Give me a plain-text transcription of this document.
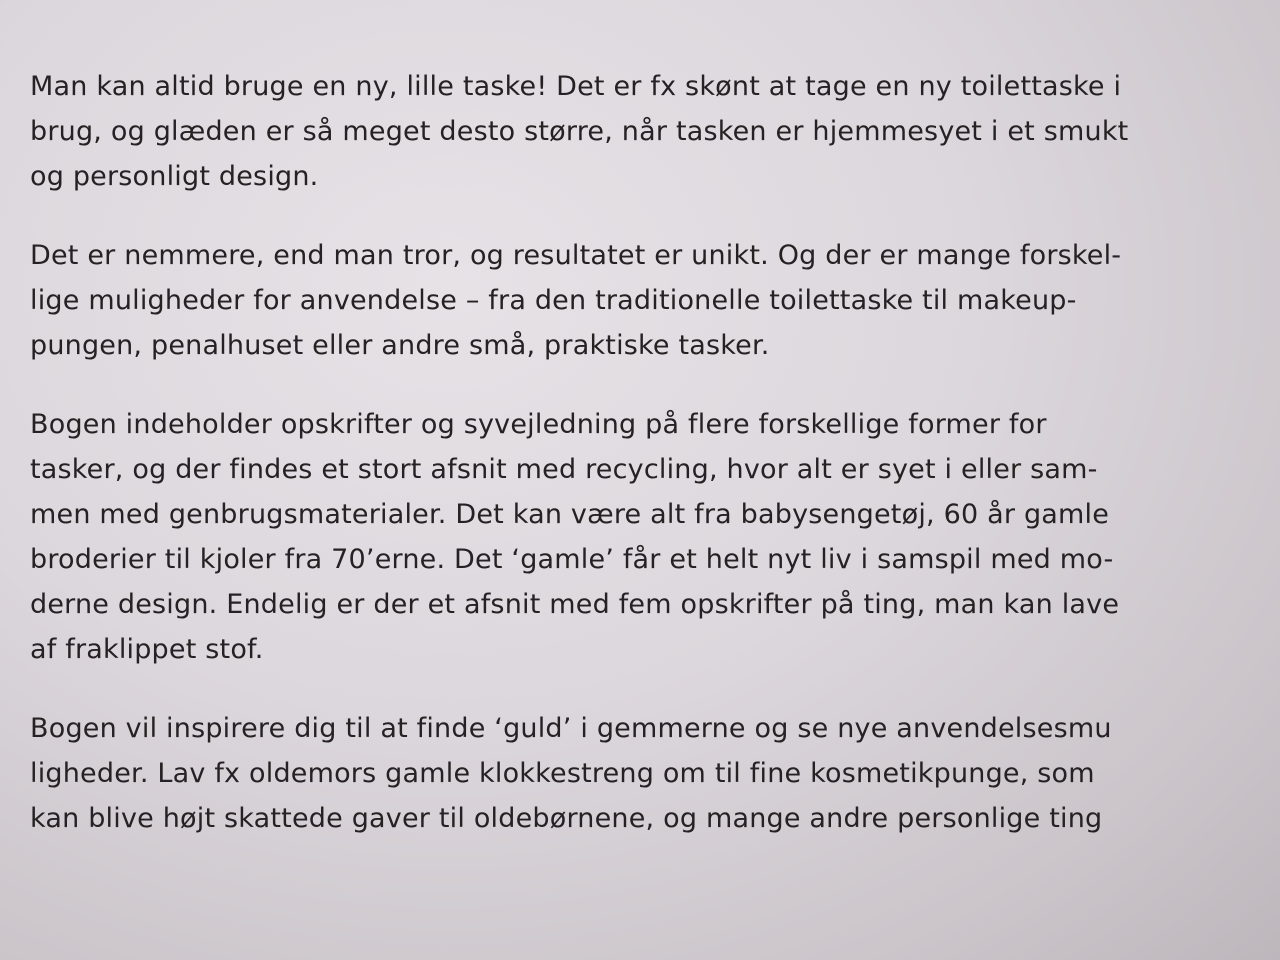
Man kan altid bruge en ny, lille taske! Det er fx skønt at tage en ny toilettaske i
brug, og glæden er så meget desto større, når tasken er hjemmesyet i et smukt
og personligt design.

Det er nemmere, end man tror, og resultatet er unikt. Og der er mange forskel-
lige muligheder for anvendelse – fra den traditionelle toilettaske til makeup-
pungen, penalhuset eller andre små, praktiske tasker.

Bogen indeholder opskrifter og syvejledning på flere forskellige former for
tasker, og der findes et stort afsnit med recycling, hvor alt er syet i eller sam-
men med genbrugsmaterialer. Det kan være alt fra babysengetøj, 60 år gamle
broderier til kjoler fra 70’erne. Det ‘gamle’ får et helt nyt liv i samspil med mo-
derne design. Endelig er der et afsnit med fem opskrifter på ting, man kan lave
af fraklippet stof.

Bogen vil inspirere dig til at finde ‘guld’ i gemmerne og se nye anvendelsesmu
ligheder. Lav fx oldemors gamle klokkestreng om til fine kosmetikpunge, som
kan blive højt skattede gaver til oldebørnene, og mange andre personlige ting
